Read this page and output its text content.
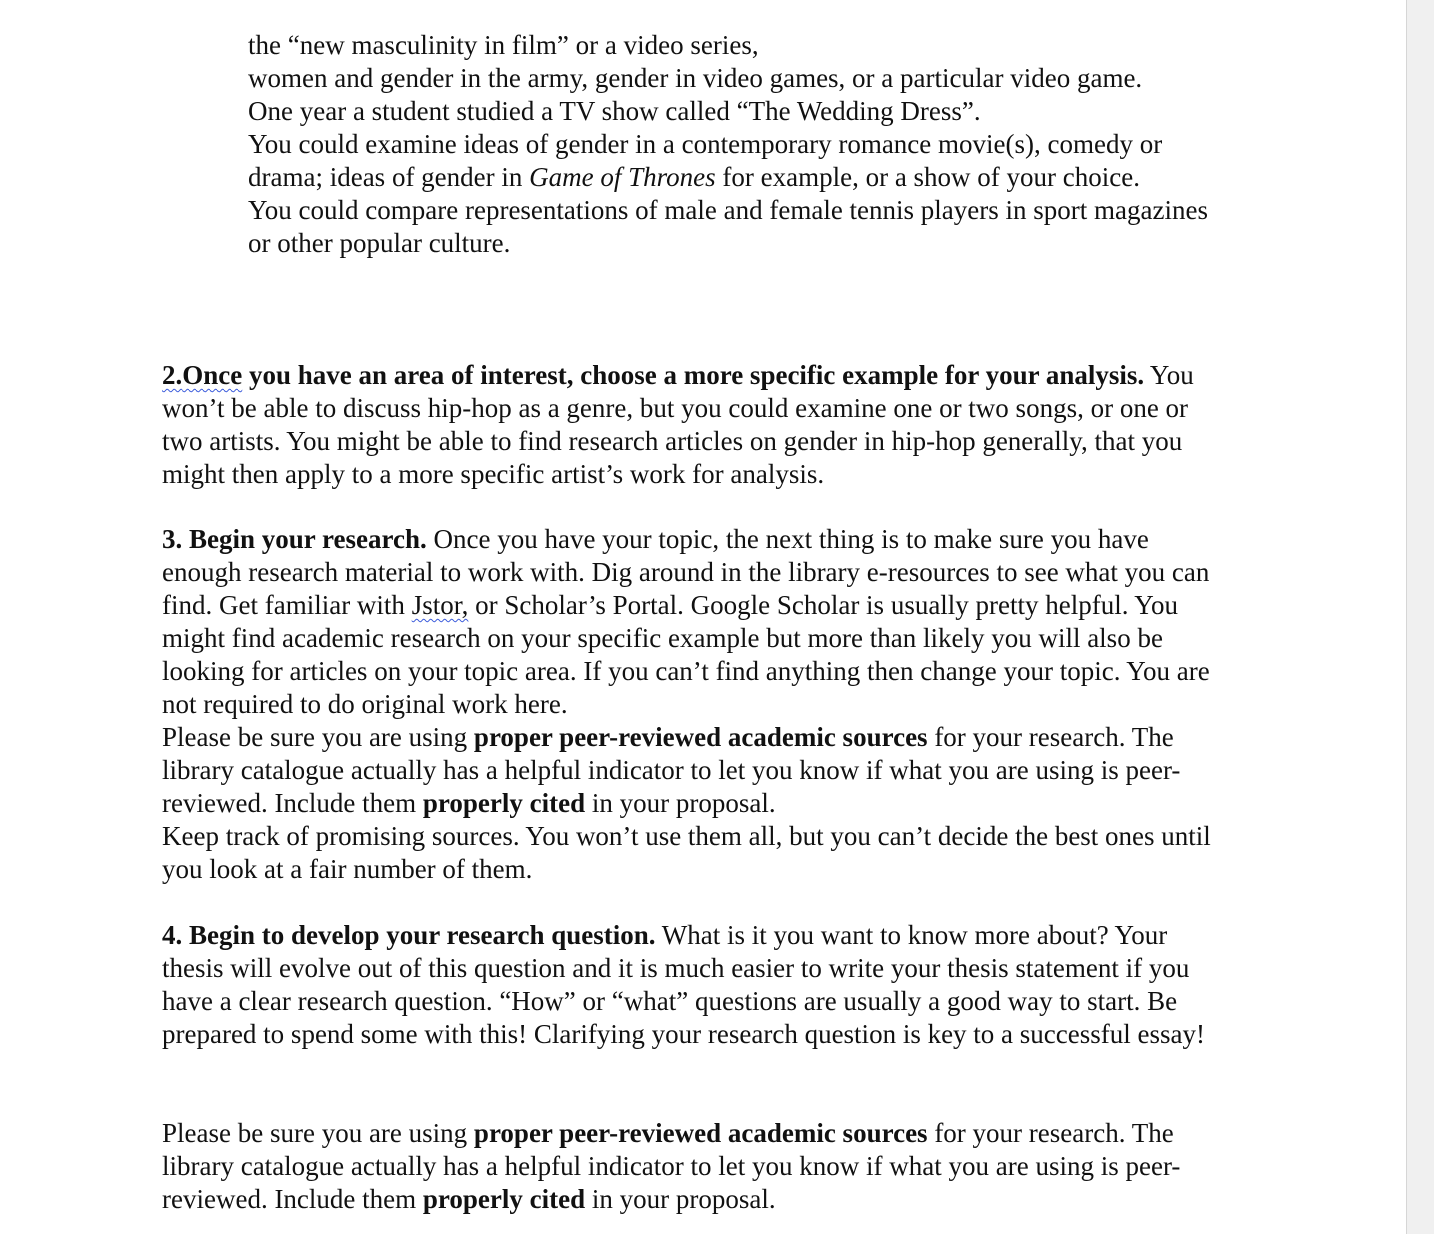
the “new masculinity in film” or a video series,
women and gender in the army, gender in video games, or a particular video game.
One year a student studied a TV show called “The Wedding Dress”.
You could examine ideas of gender in a contemporary romance movie(s), comedy or drama; ideas of gender in Game of Thrones for example, or a show of your choice.
You could compare representations of male and female tennis players in sport magazines or other popular culture.

2.Once you have an area of interest, choose a more specific example for your analysis. You won’t be able to discuss hip-hop as a genre, but you could examine one or two songs, or one or two artists. You might be able to find research articles on gender in hip-hop generally, that you might then apply to a more specific artist’s work for analysis.

3. Begin your research. Once you have your topic, the next thing is to make sure you have enough research material to work with. Dig around in the library e-resources to see what you can find. Get familiar with Jstor, or Scholar’s Portal. Google Scholar is usually pretty helpful. You might find academic research on your specific example but more than likely you will also be looking for articles on your topic area. If you can’t find anything then change your topic. You are not required to do original work here.
Please be sure you are using proper peer-reviewed academic sources for your research. The library catalogue actually has a helpful indicator to let you know if what you are using is peer-reviewed. Include them properly cited in your proposal.
Keep track of promising sources. You won’t use them all, but you can’t decide the best ones until you look at a fair number of them.

4. Begin to develop your research question. What is it you want to know more about? Your thesis will evolve out of this question and it is much easier to write your thesis statement if you have a clear research question. “How” or “what” questions are usually a good way to start. Be prepared to spend some with this! Clarifying your research question is key to a successful essay!

Please be sure you are using proper peer-reviewed academic sources for your research. The library catalogue actually has a helpful indicator to let you know if what you are using is peer-reviewed. Include them properly cited in your proposal.
